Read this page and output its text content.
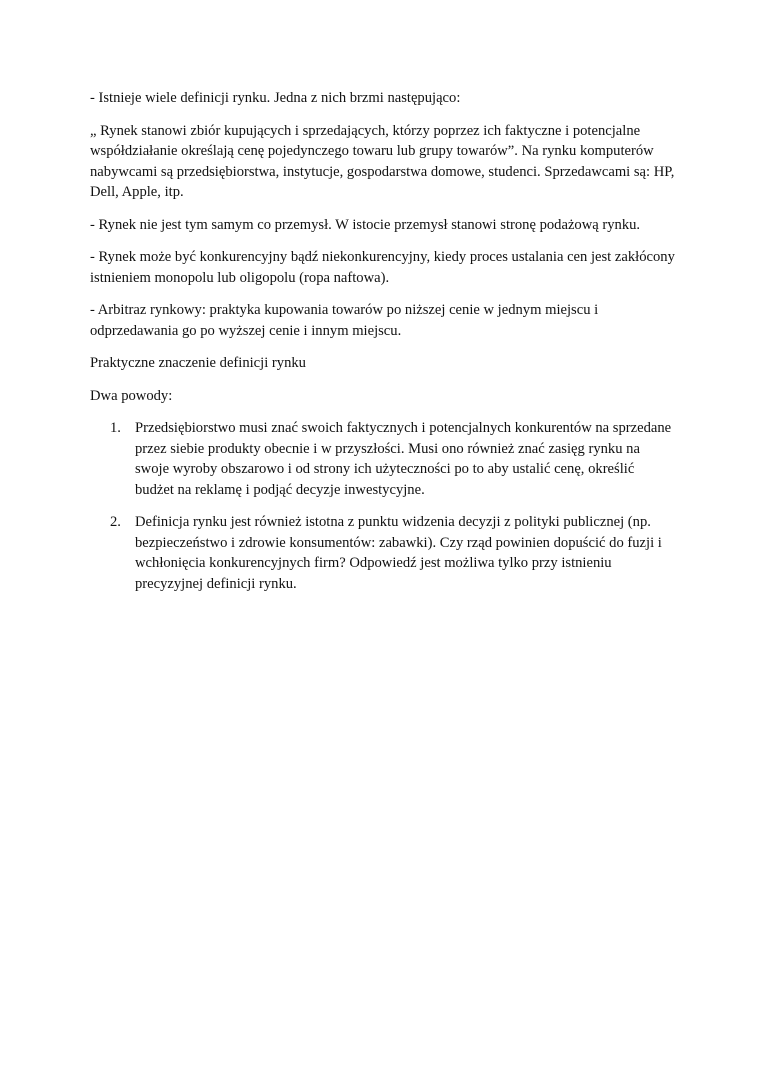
- Istnieje wiele definicji rynku. Jedna z nich brzmi następująco:

„ Rynek stanowi zbiór kupujących i sprzedających, którzy poprzez ich faktyczne i potencjalne współdziałanie określają cenę pojedynczego towaru lub grupy towarów”. Na rynku komputerów nabywcami są przedsiębiorstwa, instytucje, gospodarstwa domowe, studenci. Sprzedawcami są: HP, Dell, Apple, itp.

- Rynek nie jest tym samym co przemysł. W istocie przemysł stanowi stronę podażową rynku.

- Rynek może być konkurencyjny bądź niekonkurencyjny, kiedy proces ustalania cen jest zakłócony istnieniem monopolu lub oligopolu (ropa naftowa).

- Arbitraz rynkowy: praktyka kupowania towarów po niższej cenie w jednym miejscu i odprzedawania go po wyższej cenie i innym miejscu.

Praktyczne znaczenie definicji rynku

Dwa powody:

1. Przedsiębiorstwo musi znać swoich faktycznych i potencjalnych konkurentów na sprzedane przez siebie produkty obecnie i w przyszłości. Musi ono również znać zasięg rynku na swoje wyroby obszarowo i od strony ich użyteczności po to aby ustalić cenę, określić budżet na reklamę i podjąć decyzje inwestycyjne.
2. Definicja rynku jest również istotna z punktu widzenia decyzji z polityki publicznej (np. bezpieczeństwo i zdrowie konsumentów: zabawki). Czy rząd powinien dopuścić do fuzji i wchłonięcia konkurencyjnych firm? Odpowiedź jest możliwa tylko przy istnieniu precyzyjnej definicji rynku.
